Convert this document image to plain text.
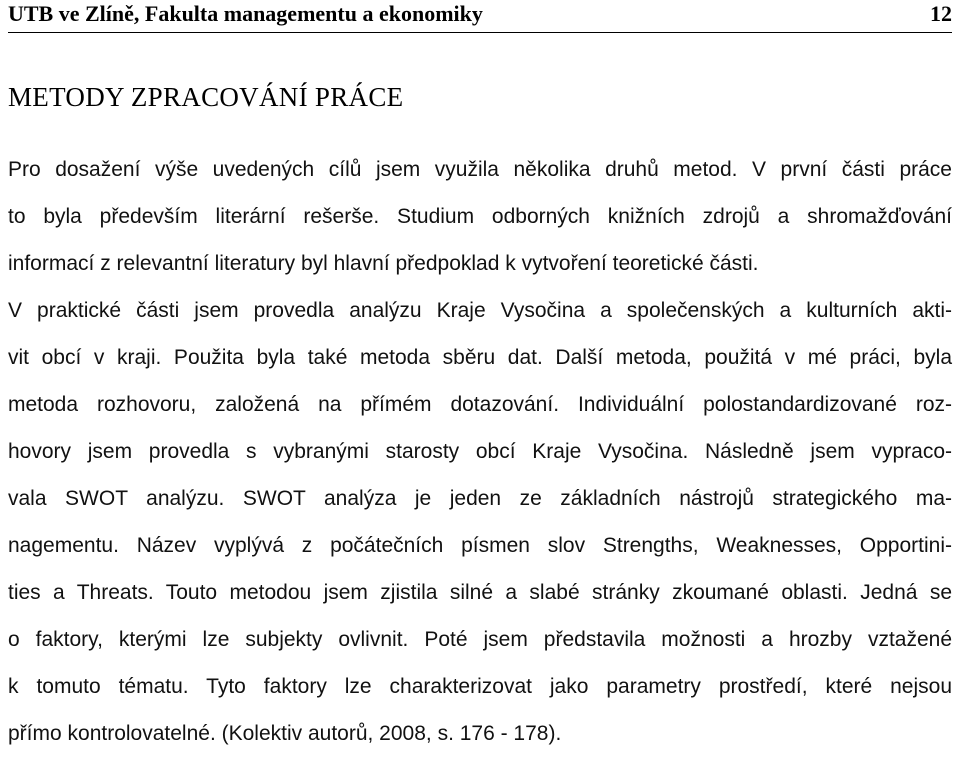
UTB ve Zlíně, Fakulta managementu a ekonomiky	12
METODY ZPRACOVÁNÍ PRÁCE
Pro dosažení výše uvedených cílů jsem využila několika druhů metod. V první části práce
to byla především literární rešerše. Studium odborných knižních zdrojů a shromažďování
informací z relevantní literatury byl hlavní předpoklad k vytvoření teoretické části.
V praktické části jsem provedla analýzu Kraje Vysočina a společenských a kulturních akti-
vit obcí v kraji. Použita byla také metoda sběru dat. Další metoda, použitá v mé práci, byla
metoda rozhovoru, založená na přímém dotazování. Individuální polostandardizované roz-
hovory jsem provedla s vybranými starosty obcí Kraje Vysočina. Následně jsem vypraco-
vala SWOT analýzu. SWOT analýza je jeden ze základních nástrojů strategického ma-
nagementu. Název vyplývá z počátečních písmen slov Strengths, Weaknesses, Opportini-
ties a Threats. Touto metodou jsem zjistila silné a slabé stránky zkoumané oblasti. Jedná se
o faktory, kterými lze subjekty ovlivnit. Poté jsem představila možnosti a hrozby vztažené
k tomuto tématu. Tyto faktory lze charakterizovat jako parametry prostředí, které nejsou
přímo kontrolovatelné. (Kolektiv autorů, 2008, s. 176 - 178).
